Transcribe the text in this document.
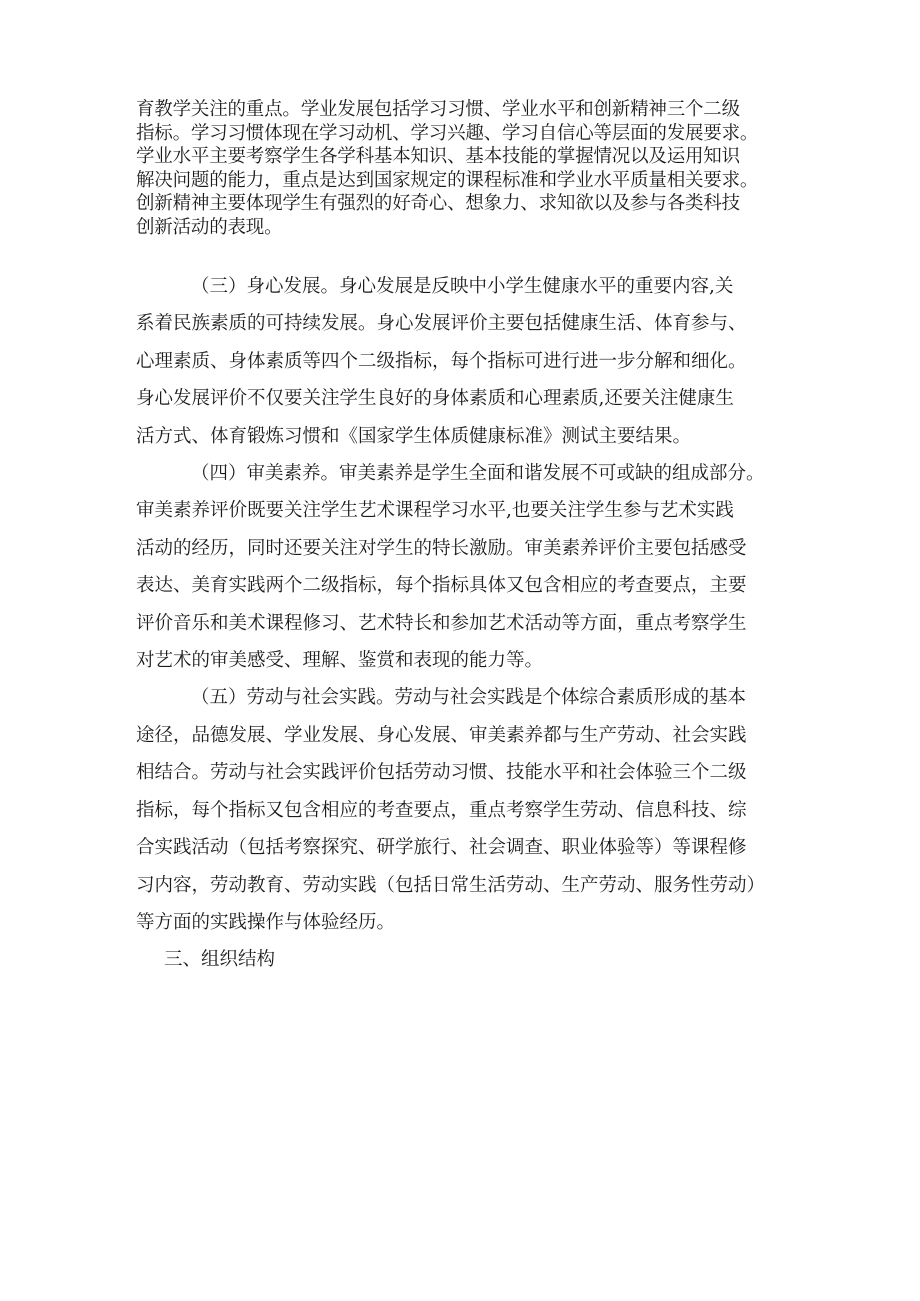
育教学关注的重点。学业发展包括学习习惯、学业水平和创新精神三个二级
指标。学习习惯体现在学习动机、学习兴趣、学习自信心等层面的发展要求。
学业水平主要考察学生各学科基本知识、基本技能的掌握情况以及运用知识
解决问题的能力，重点是达到国家规定的课程标准和学业水平质量相关要求。
创新精神主要体现学生有强烈的好奇心、想象力、求知欲以及参与各类科技
创新活动的表现。
（三）身心发展。身心发展是反映中小学生健康水平的重要内容,关
系着民族素质的可持续发展。身心发展评价主要包括健康生活、体育参与、
心理素质、身体素质等四个二级指标，每个指标可进行进一步分解和细化。
身心发展评价不仅要关注学生良好的身体素质和心理素质,还要关注健康生
活方式、体育锻炼习惯和《国家学生体质健康标准》测试主要结果。
（四）审美素养。审美素养是学生全面和谐发展不可或缺的组成部分。
审美素养评价既要关注学生艺术课程学习水平,也要关注学生参与艺术实践
活动的经历，同时还要关注对学生的特长激励。审美素养评价主要包括感受
表达、美育实践两个二级指标，每个指标具体又包含相应的考查要点，主要
评价音乐和美术课程修习、艺术特长和参加艺术活动等方面，重点考察学生
对艺术的审美感受、理解、鉴赏和表现的能力等。
（五）劳动与社会实践。劳动与社会实践是个体综合素质形成的基本
途径，品德发展、学业发展、身心发展、审美素养都与生产劳动、社会实践
相结合。劳动与社会实践评价包括劳动习惯、技能水平和社会体验三个二级
指标，每个指标又包含相应的考查要点，重点考察学生劳动、信息科技、综
合实践活动（包括考察探究、研学旅行、社会调查、职业体验等）等课程修
习内容，劳动教育、劳动实践（包括日常生活劳动、生产劳动、服务性劳动）
等方面的实践操作与体验经历。
三、组织结构
